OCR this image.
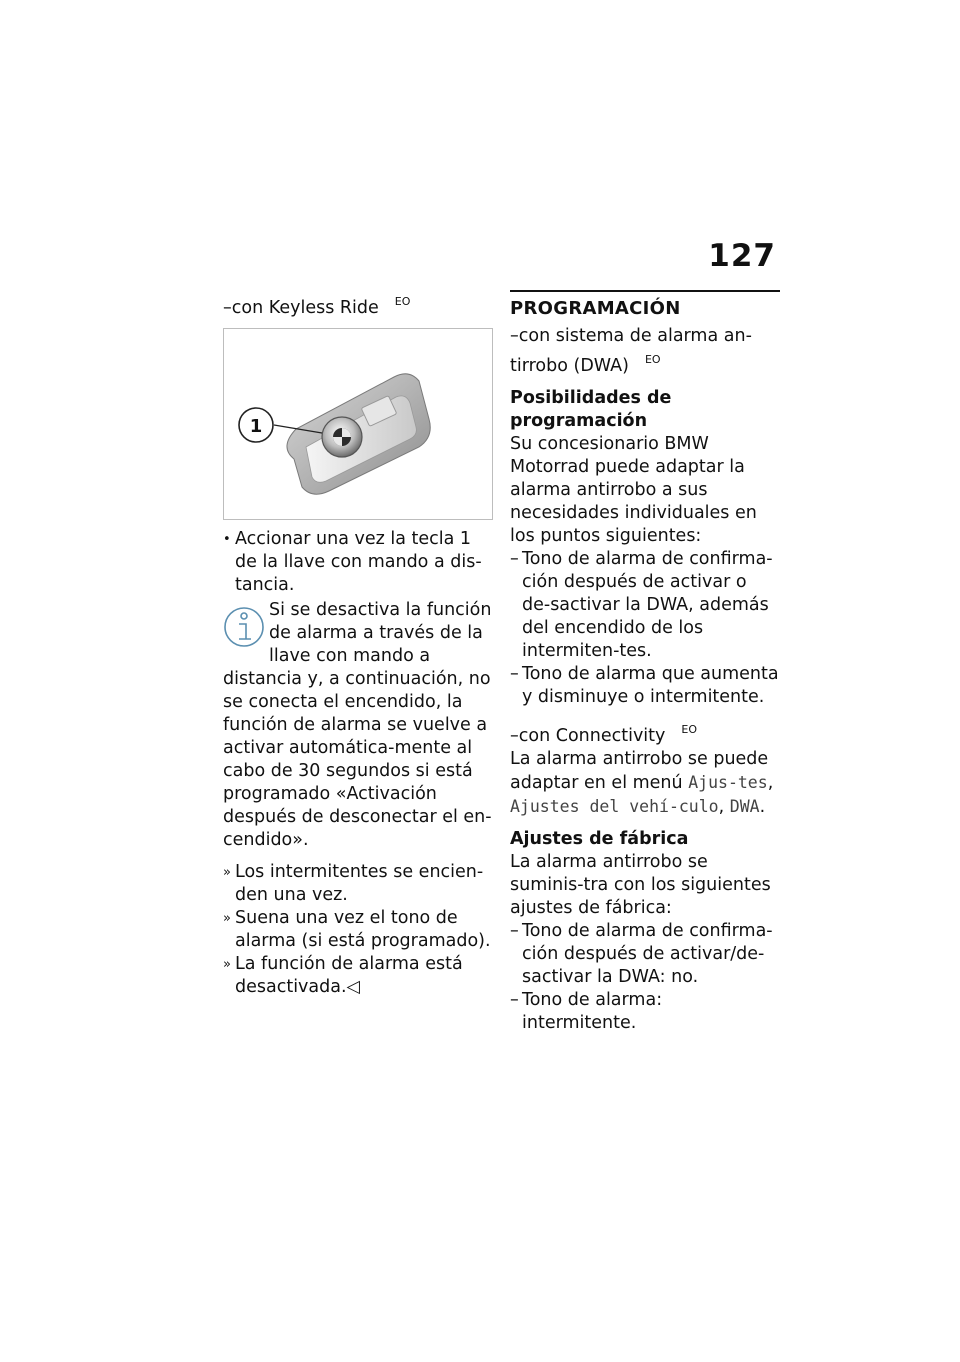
127

–con Keyless Ride $^{EO}$

1
• Accionar una vez la tecla 1 de la llave con mando a dis-tancia.

Si se desactiva la función de alarma a través de la llave con mando a distancia y, a continuación, no se conecta el encendido, la función de alarma se vuelve a activar automática-mente al cabo de 30 segundos si está programado «Activación después de desconectar el en-cendido».

» Los intermitentes se encien-den una vez.

» Suena una vez el tono de alarma (si está programado).

» La función de alarma está desactivada.◁

PROGRAMACIÓN

–con sistema de alarma an-tirrobo (DWA) $^{EO}$

Posibilidades de programación

Su concesionario BMW Motorrad puede adaptar la alarma antirrobo a sus necesidades individuales en los puntos siguientes:

– Tono de alarma de confirma-ción después de activar o de-sactivar la DWA, además del encendido de los intermiten-tes.

– Tono de alarma que aumenta y disminuye o intermitente.

–con Connectivity $^{EO}$

La alarma antirrobo se puede adaptar en el menú Ajus-tes, Ajustes del vehí-culo, DWA.

Ajustes de fábrica

La alarma antirrobo se suminis-tra con los siguientes ajustes de fábrica:

– Tono de alarma de confirma-ción después de activar/de-sactivar la DWA: no.

– Tono de alarma: intermitente.
